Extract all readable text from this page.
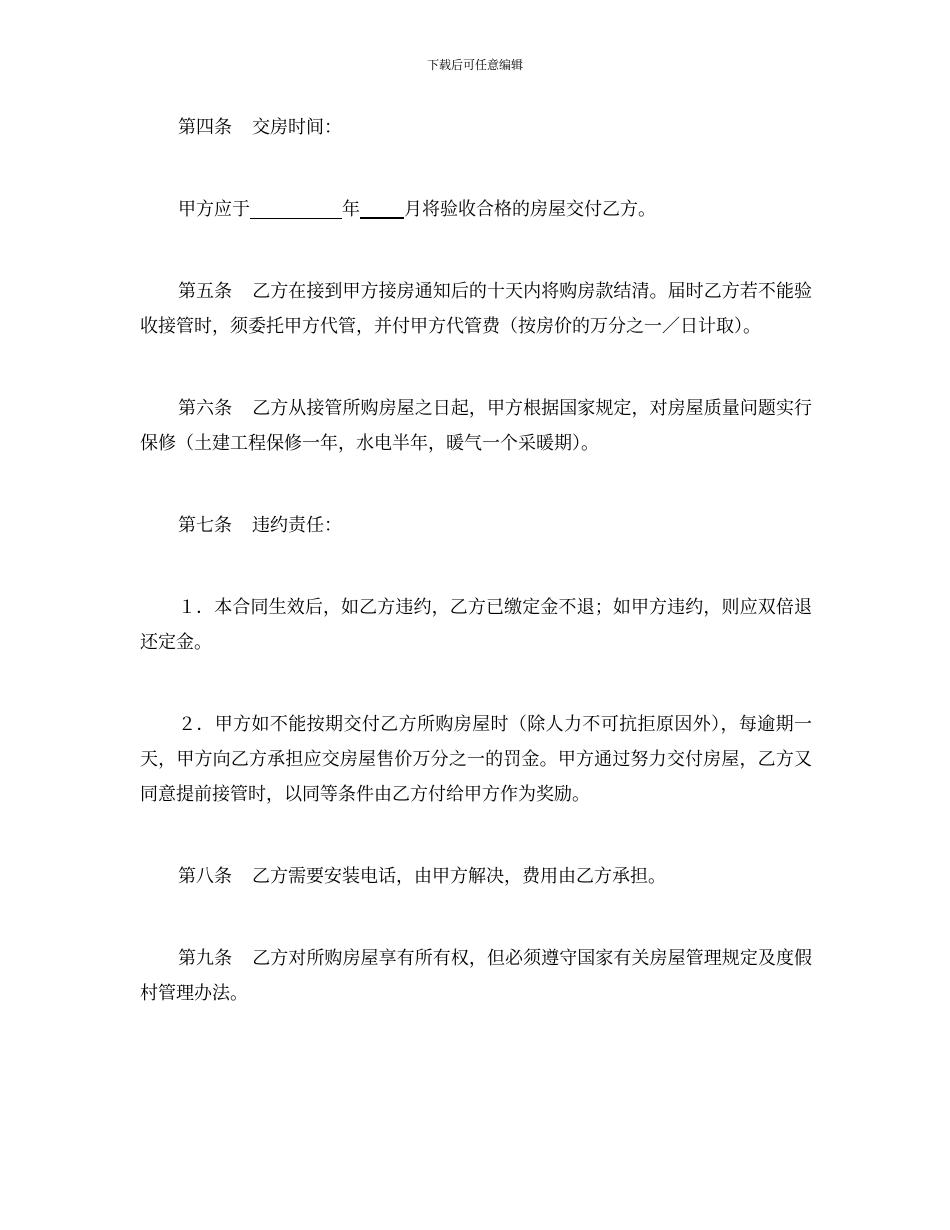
下载后可任意编辑

第四条 交房时间：

甲方应于	年 月将验收合格的房屋交付乙方。

第五条 乙方在接到甲方接房通知后的十天内将购房款结清。届时乙方若不能验收接管时，须委托甲方代管，并付甲方代管费（按房价的万分之一／日计取）。

第六条 乙方从接管所购房屋之日起，甲方根据国家规定，对房屋质量问题实行保修（土建工程保修一年，水电半年，暖气一个采暖期）。

第七条 违约责任：

１．本合同生效后，如乙方违约，乙方已缴定金不退；如甲方违约，则应双倍退还定金。

２．甲方如不能按期交付乙方所购房屋时（除人力不可抗拒原因外），每逾期一天，甲方向乙方承担应交房屋售价万分之一的罚金。甲方通过努力交付房屋，乙方又同意提前接管时，以同等条件由乙方付给甲方作为奖励。

第八条 乙方需要安装电话，由甲方解决，费用由乙方承担。

第九条 乙方对所购房屋享有所有权，但必须遵守国家有关房屋管理规定及度假村管理办法。
